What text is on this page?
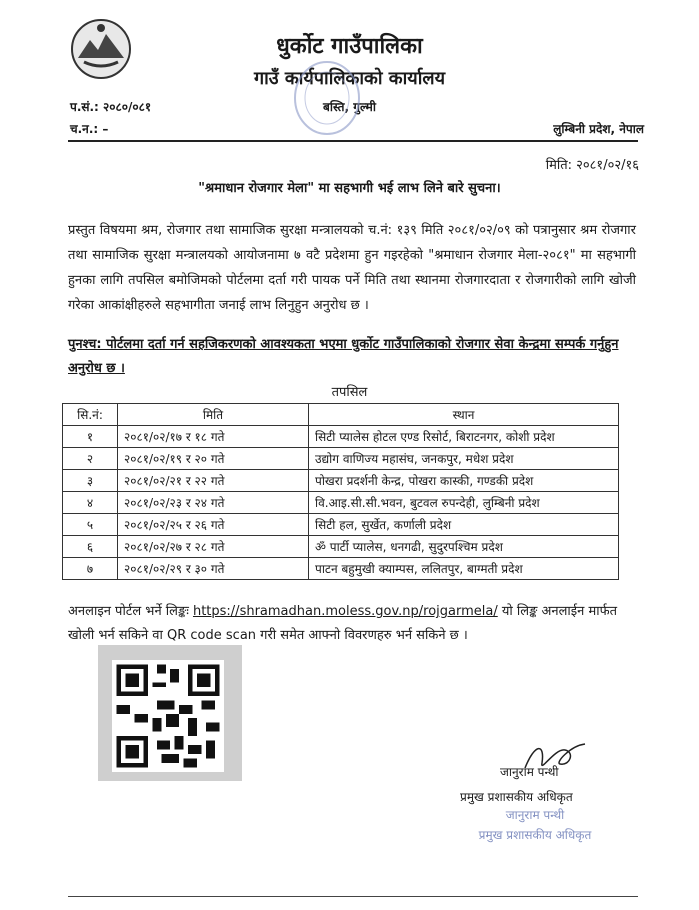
धुर्कोट गाउँपालिका
गाउँ कार्यपालिकाको कार्यालय
बस्ति, गुल्मी
प.सं.: २०८०/०८१
च.न.: –	लुम्बिनी प्रदेश, नेपाल
मिति: २०८१/०२/१६
"श्रमाधान रोजगार मेला" मा सहभागी भई लाभ लिने बारे सुचना।
प्रस्तुत विषयमा श्रम, रोजगार तथा सामाजिक सुरक्षा मन्त्रालयको च.नं: १३९ मिति २०८१/०२/०९ को पत्रानुसार श्रम रोजगार तथा सामाजिक सुरक्षा मन्त्रालयको आयोजनामा ७ वटै प्रदेशमा हुन गइरहेको "श्रमाधान रोजगार मेला-२०८१" मा सहभागी हुनका लागि तपसिल बमोजिमको पोर्टलमा दर्ता गरी पायक पर्ने मिति तथा स्थानमा रोजगारदाता र रोजगारीको लागि खोजी गरेका आकांक्षीहरुले सहभागीता जनाई लाभ लिनुहुन अनुरोध छ ।
पुनश्च: पोर्टलमा दर्ता गर्न सहजिकरणको आवश्यकता भएमा धुर्कोट गाउँपालिकाको रोजगार सेवा केन्द्रमा सम्पर्क गर्नुहुन अनुरोध छ ।
तपसिल
सि.नं:	मिति	स्थान
१	२०८१/०२/१७ र १८ गते	सिटी प्यालेस होटल एण्ड रिसोर्ट, बिराटनगर, कोशी प्रदेश
२	२०८१/०२/१९ र २० गते	उद्योग वाणिज्य महासंघ, जनकपुर, मधेश प्रदेश
३	२०८१/०२/२१ र २२ गते	पोखरा प्रदर्शनी केन्द्र, पोखरा कास्की, गण्डकी प्रदेश
४	२०८१/०२/२३ र २४ गते	वि.आइ.सी.सी.भवन, बुटवल रुपन्देही, लुम्बिनी प्रदेश
५	२०८१/०२/२५ र २६ गते	सिटी हल, सुर्खेत, कर्णाली प्रदेश
६	२०८१/०२/२७ र २८ गते	ॐ पार्टी प्यालेस, धनगढी, सुदुरपश्चिम प्रदेश
७	२०८१/०२/२९ र ३० गते	पाटन बहुमुखी क्याम्पस, ललितपुर, बाग्मती प्रदेश
अनलाइन पोर्टल भर्ने लिङ्कः https://shramadhan.moless.gov.np/rojgarmela/ यो लिङ्क अनलाईन मार्फत खोली भर्न सकिने वा QR code scan गरी समेत आफ्नो विवरणहरु भर्न सकिने छ ।
जानुराम पन्थी
प्रमुख प्रशासकीय अधिकृत
जानुराम पन्थी
प्रमुख प्रशासकीय अधिकृत
